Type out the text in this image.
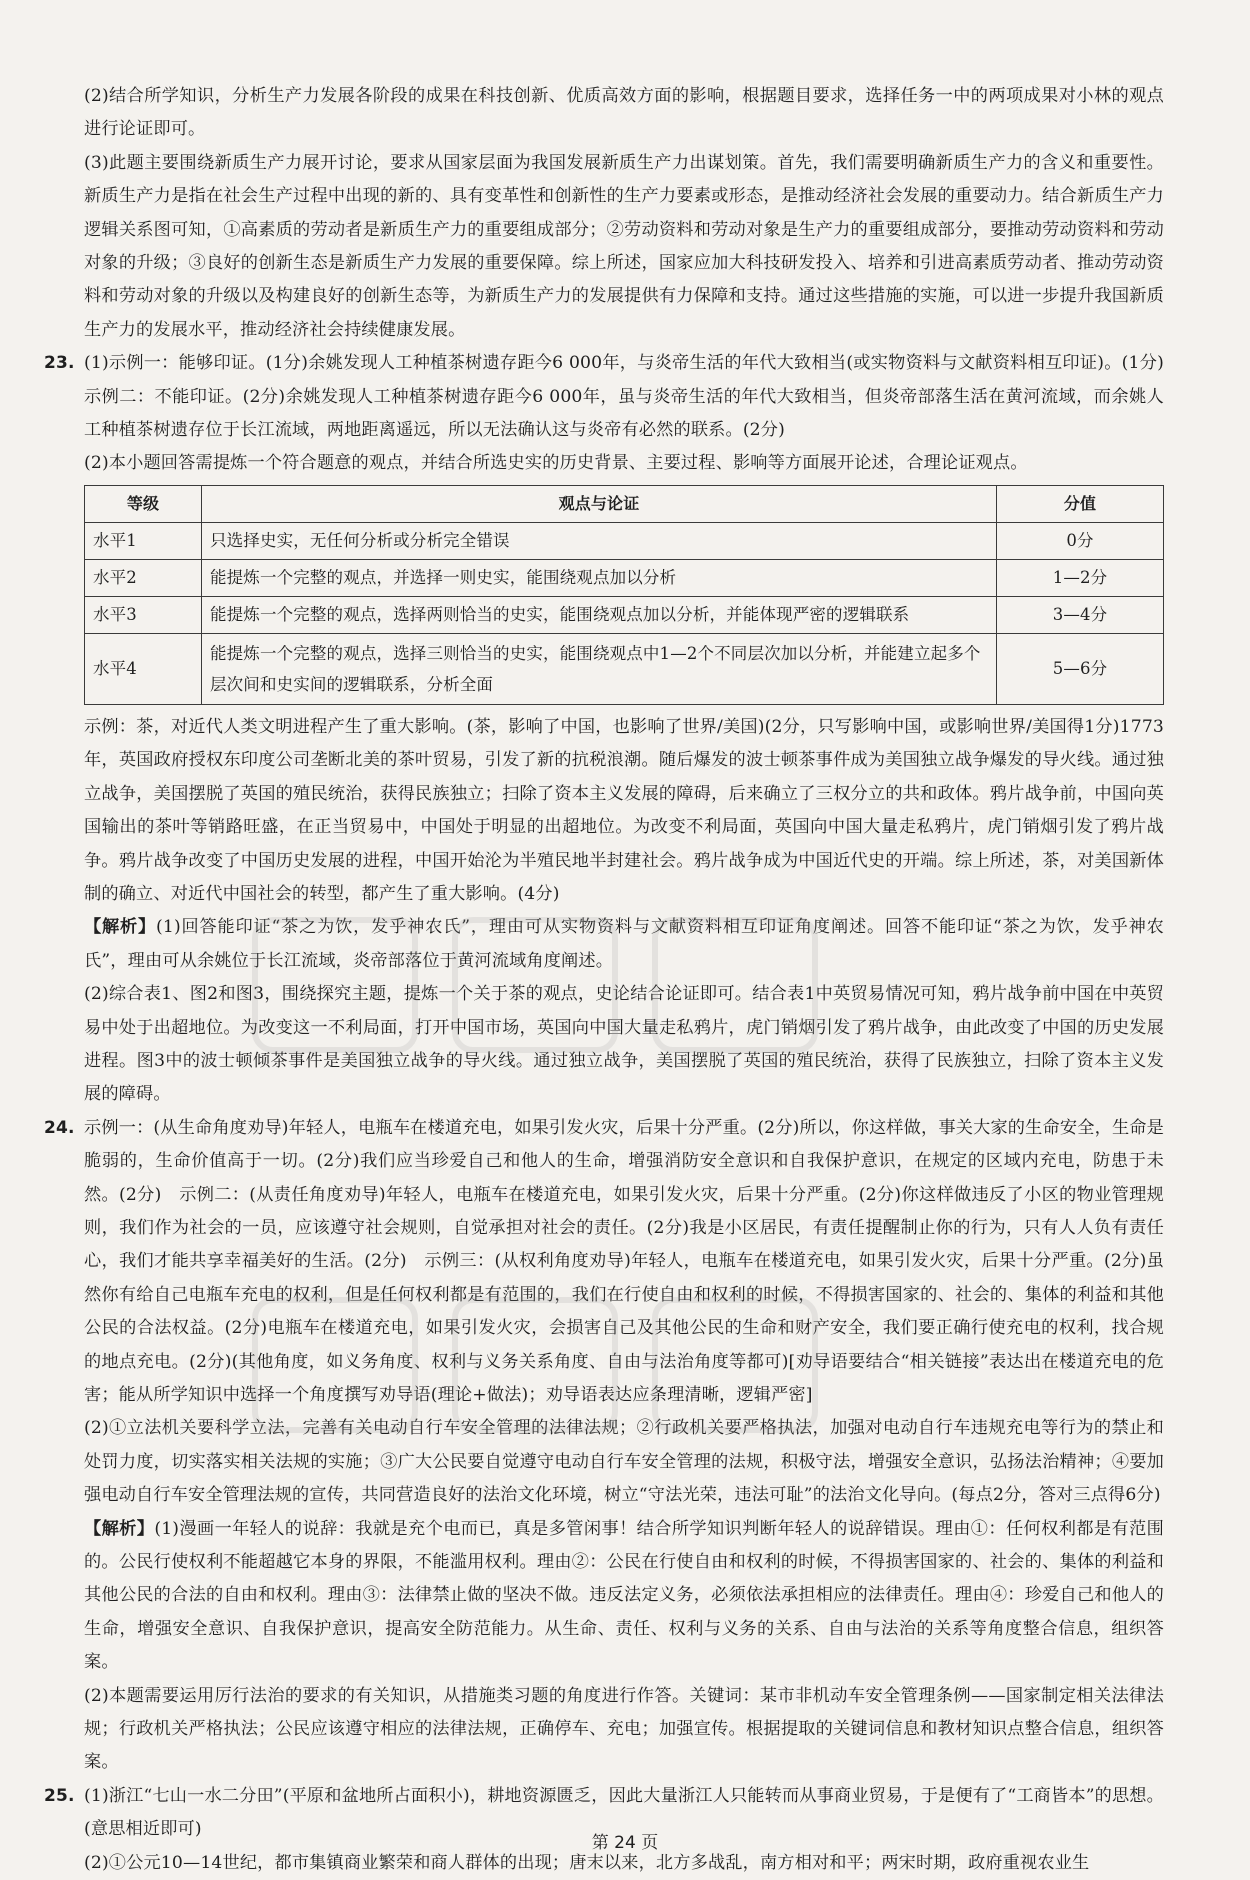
(2)结合所学知识，分析生产力发展各阶段的成果在科技创新、优质高效方面的影响，根据题目要求，选择任务一中的两项成果对小林的观点进行论证即可。

(3)此题主要围绕新质生产力展开讨论，要求从国家层面为我国发展新质生产力出谋划策。首先，我们需要明确新质生产力的含义和重要性。新质生产力是指在社会生产过程中出现的新的、具有变革性和创新性的生产力要素或形态，是推动经济社会发展的重要动力。结合新质生产力逻辑关系图可知，①高素质的劳动者是新质生产力的重要组成部分；②劳动资料和劳动对象是生产力的重要组成部分，要推动劳动资料和劳动对象的升级；③良好的创新生态是新质生产力发展的重要保障。综上所述，国家应加大科技研发投入、培养和引进高素质劳动者、推动劳动资料和劳动对象的升级以及构建良好的创新生态等，为新质生产力的发展提供有力保障和支持。通过这些措施的实施，可以进一步提升我国新质生产力的发展水平，推动经济社会持续健康发展。

23. (1)示例一：能够印证。(1分)余姚发现人工种植茶树遗存距今6 000年，与炎帝生活的年代大致相当(或实物资料与文献资料相互印证)。(1分)　示例二：不能印证。(2分)余姚发现人工种植茶树遗存距今6 000年，虽与炎帝生活的年代大致相当，但炎帝部落生活在黄河流域，而余姚人工种植茶树遗存位于长江流域，两地距离遥远，所以无法确认这与炎帝有必然的联系。(2分)

(2)本小题回答需提炼一个符合题意的观点，并结合所选史实的历史背景、主要过程、影响等方面展开论述，合理论证观点。

等级	观点与论证	分值
水平1	只选择史实，无任何分析或分析完全错误	0分
水平2	能提炼一个完整的观点，并选择一则史实，能围绕观点加以分析	1—2分
水平3	能提炼一个完整的观点，选择两则恰当的史实，能围绕观点加以分析，并能体现严密的逻辑联系	3—4分
水平4	能提炼一个完整的观点，选择三则恰当的史实，能围绕观点中1—2个不同层次加以分析，并能建立起多个层次间和史实间的逻辑联系，分析全面	5—6分

示例：茶，对近代人类文明进程产生了重大影响。(茶，影响了中国，也影响了世界/美国)(2分，只写影响中国，或影响世界/美国得1分)1773年，英国政府授权东印度公司垄断北美的茶叶贸易，引发了新的抗税浪潮。随后爆发的波士顿茶事件成为美国独立战争爆发的导火线。通过独立战争，美国摆脱了英国的殖民统治，获得民族独立；扫除了资本主义发展的障碍，后来确立了三权分立的共和政体。鸦片战争前，中国向英国输出的茶叶等销路旺盛，在正当贸易中，中国处于明显的出超地位。为改变不利局面，英国向中国大量走私鸦片，虎门销烟引发了鸦片战争。鸦片战争改变了中国历史发展的进程，中国开始沦为半殖民地半封建社会。鸦片战争成为中国近代史的开端。综上所述，茶，对美国新体制的确立、对近代中国社会的转型，都产生了重大影响。(4分)

【解析】(1)回答能印证“茶之为饮，发乎神农氏”，理由可从实物资料与文献资料相互印证角度阐述。回答不能印证“茶之为饮，发乎神农氏”，理由可从余姚位于长江流域，炎帝部落位于黄河流域角度阐述。

(2)综合表1、图2和图3，围绕探究主题，提炼一个关于茶的观点，史论结合论证即可。结合表1中英贸易情况可知，鸦片战争前中国在中英贸易中处于出超地位。为改变这一不利局面，打开中国市场，英国向中国大量走私鸦片，虎门销烟引发了鸦片战争，由此改变了中国的历史发展进程。图3中的波士顿倾茶事件是美国独立战争的导火线。通过独立战争，美国摆脱了英国的殖民统治，获得了民族独立，扫除了资本主义发展的障碍。

24. 示例一：(从生命角度劝导)年轻人，电瓶车在楼道充电，如果引发火灾，后果十分严重。(2分)所以，你这样做，事关大家的生命安全，生命是脆弱的，生命价值高于一切。(2分)我们应当珍爱自己和他人的生命，增强消防安全意识和自我保护意识，在规定的区域内充电，防患于未然。(2分)　示例二：(从责任角度劝导)年轻人，电瓶车在楼道充电，如果引发火灾，后果十分严重。(2分)你这样做违反了小区的物业管理规则，我们作为社会的一员，应该遵守社会规则，自觉承担对社会的责任。(2分)我是小区居民，有责任提醒制止你的行为，只有人人负有责任心，我们才能共享幸福美好的生活。(2分)　示例三：(从权利角度劝导)年轻人，电瓶车在楼道充电，如果引发火灾，后果十分严重。(2分)虽然你有给自己电瓶车充电的权利，但是任何权利都是有范围的，我们在行使自由和权利的时候，不得损害国家的、社会的、集体的利益和其他公民的合法权益。(2分)电瓶车在楼道充电，如果引发火灾，会损害自己及其他公民的生命和财产安全，我们要正确行使充电的权利，找合规的地点充电。(2分)(其他角度，如义务角度、权利与义务关系角度、自由与法治角度等都可)[劝导语要结合“相关链接”表达出在楼道充电的危害；能从所学知识中选择一个角度撰写劝导语(理论+做法)；劝导语表达应条理清晰，逻辑严密]

(2)①立法机关要科学立法，完善有关电动自行车安全管理的法律法规；②行政机关要严格执法，加强对电动自行车违规充电等行为的禁止和处罚力度，切实落实相关法规的实施；③广大公民要自觉遵守电动自行车安全管理的法规，积极守法，增强安全意识，弘扬法治精神；④要加强电动自行车安全管理法规的宣传，共同营造良好的法治文化环境，树立“守法光荣，违法可耻”的法治文化导向。(每点2分，答对三点得6分)

【解析】(1)漫画一年轻人的说辞：我就是充个电而已，真是多管闲事！结合所学知识判断年轻人的说辞错误。理由①：任何权利都是有范围的。公民行使权利不能超越它本身的界限，不能滥用权利。理由②：公民在行使自由和权利的时候，不得损害国家的、社会的、集体的利益和其他公民的合法的自由和权利。理由③：法律禁止做的坚决不做。违反法定义务，必须依法承担相应的法律责任。理由④：珍爱自己和他人的生命，增强安全意识、自我保护意识，提高安全防范能力。从生命、责任、权利与义务的关系、自由与法治的关系等角度整合信息，组织答案。

(2)本题需要运用厉行法治的要求的有关知识，从措施类习题的角度进行作答。关键词：某市非机动车安全管理条例——国家制定相关法律法规；行政机关严格执法；公民应该遵守相应的法律法规，正确停车、充电；加强宣传。根据提取的关键词信息和教材知识点整合信息，组织答案。

25. (1)浙江“七山一水二分田”(平原和盆地所占面积小)，耕地资源匮乏，因此大量浙江人只能转而从事商业贸易，于是便有了“工商皆本”的思想。(意思相近即可)

(2)①公元10—14世纪，都市集镇商业繁荣和商人群体的出现；唐末以来，北方多战乱，南方相对和平；两宋时期，政府重视农业生

第 24 页
